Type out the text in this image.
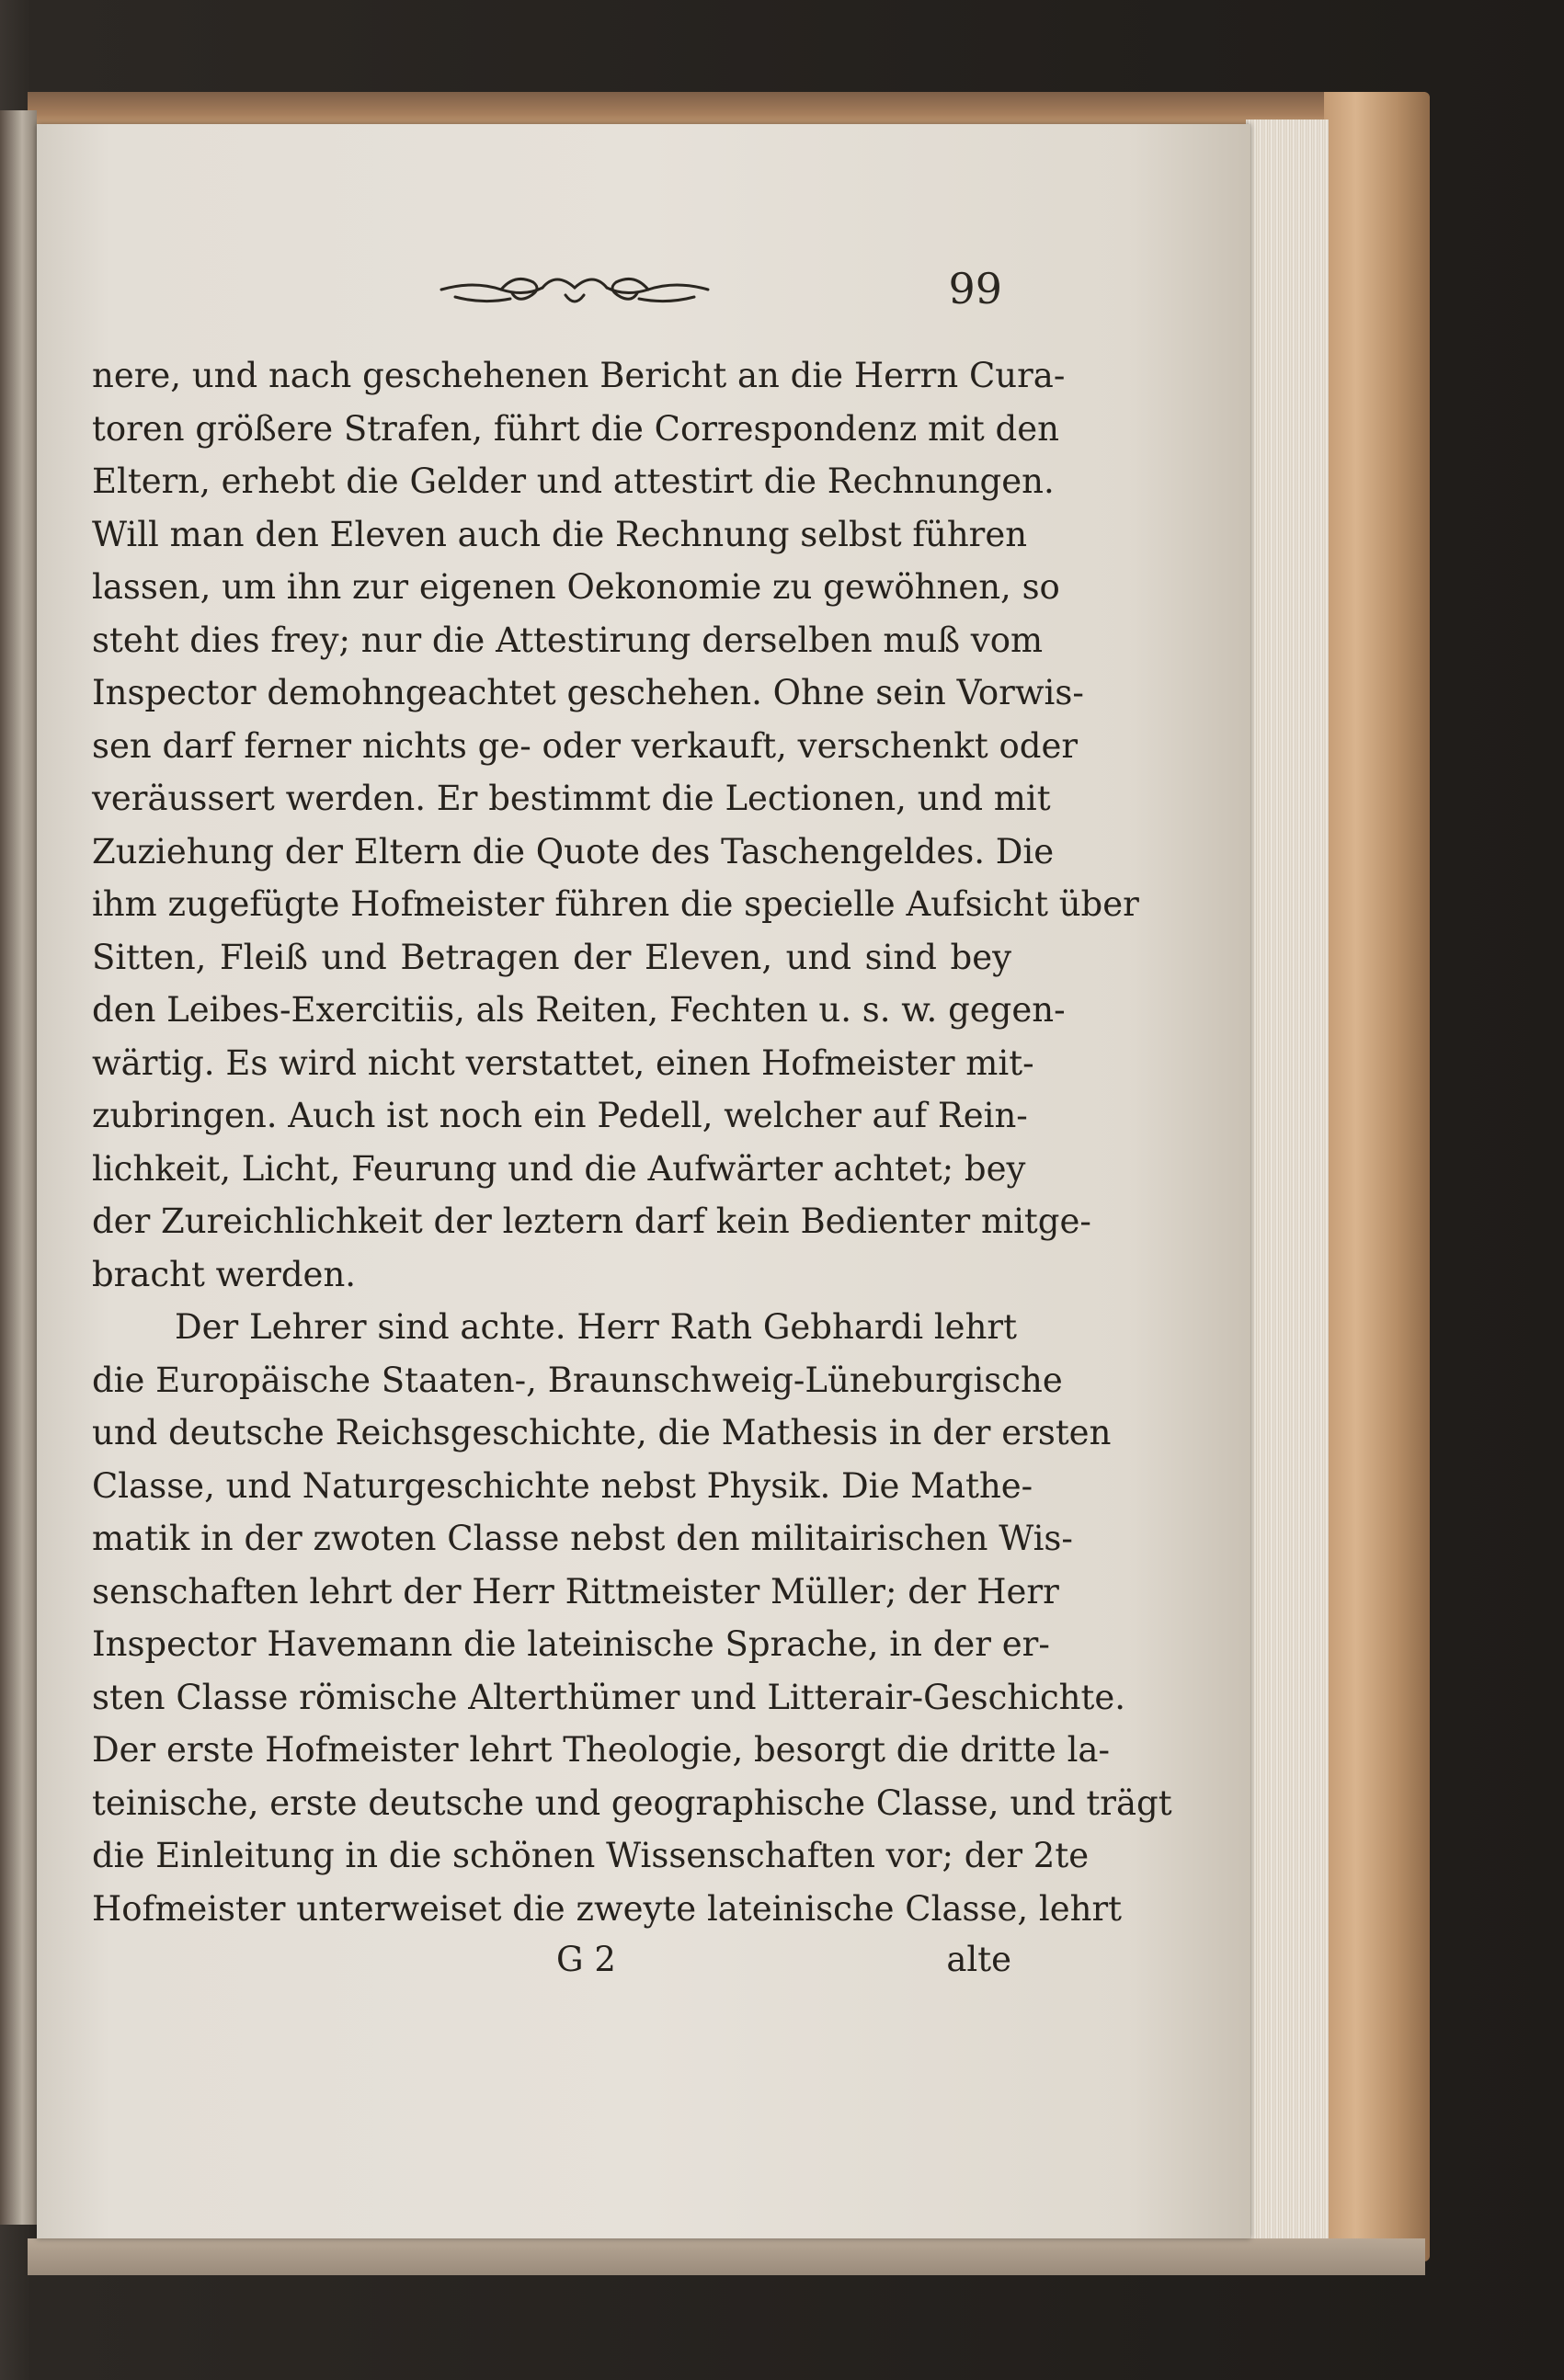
99
nere, und nach geschehenen Bericht an die Herrn Cura-
toren größere Strafen, führt die Correspondenz mit den
Eltern, erhebt die Gelder und attestirt die Rechnungen.
Will man den Eleven auch die Rechnung selbst führen
lassen, um ihn zur eigenen Oekonomie zu gewöhnen, so
steht dies frey; nur die Attestirung derselben muß vom
Inspector demohngeachtet geschehen. Ohne sein Vorwis-
sen darf ferner nichts ge- oder verkauft, verschenkt oder
veräussert werden. Er bestimmt die Lectionen, und mit
Zuziehung der Eltern die Quote des Taschengeldes. Die
ihm zugefügte Hofmeister führen die specielle Aufsicht über
Sitten, Fleiß und Betragen der Eleven, und sind bey
den Leibes-Exercitiis, als Reiten, Fechten u. s. w. gegen-
wärtig. Es wird nicht verstattet, einen Hofmeister mit-
zubringen. Auch ist noch ein Pedell, welcher auf Rein-
lichkeit, Licht, Feurung und die Aufwärter achtet; bey
der Zureichlichkeit der leztern darf kein Bedienter mitge-
bracht werden.
Der Lehrer sind achte. Herr Rath Gebhardi lehrt
die Europäische Staaten-, Braunschweig-Lüneburgische
und deutsche Reichsgeschichte, die Mathesis in der ersten
Classe, und Naturgeschichte nebst Physik. Die Mathe-
matik in der zwoten Classe nebst den militairischen Wis-
senschaften lehrt der Herr Rittmeister Müller; der Herr
Inspector Havemann die lateinische Sprache, in der er-
sten Classe römische Alterthümer und Litterair-Geschichte.
Der erste Hofmeister lehrt Theologie, besorgt die dritte la-
teinische, erste deutsche und geographische Classe, und trägt
die Einleitung in die schönen Wissenschaften vor; der 2te
Hofmeister unterweiset die zweyte lateinische Classe, lehrt
G 2	alte
